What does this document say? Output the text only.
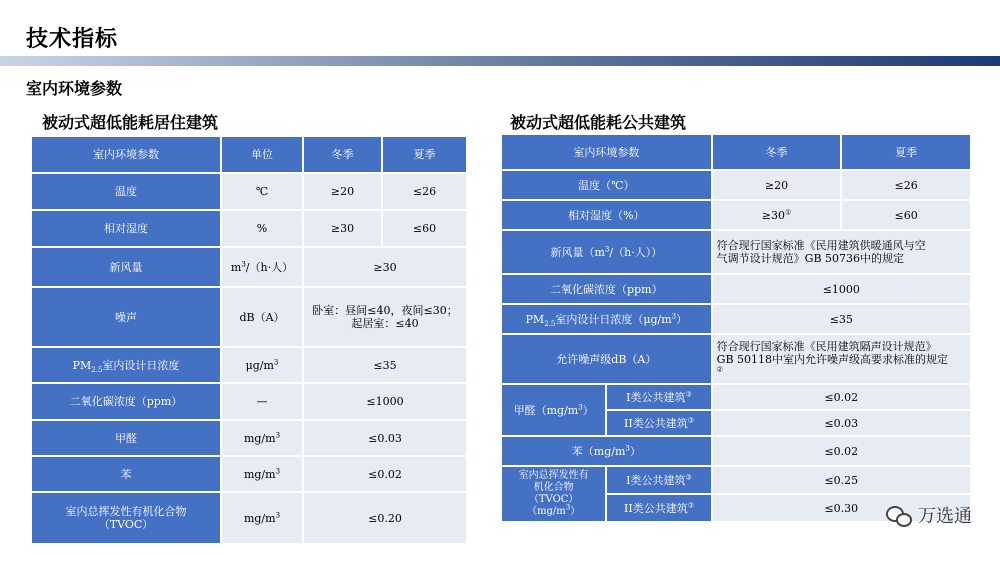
技术指标
室内环境参数
被动式超低能耗居住建筑
室内环境参数	单位	冬季	夏季
温度	℃	≥20	≤26
相对湿度	%	≥30	≤60
新风量	$m^3/(h\cdot$人）	≥30	
噪声	dB（A）	卧室：昼间≤40，夜间≤30；
起居室：≤40	
$PM_{2.5}$室内设计日浓度	$\mu g/m^3$	≤35	
二氧化碳浓度（ppm）	—	≤1000	
甲醛	$mg/m^3$	≤0.03	
苯	$mg/m^3$	≤0.02	
室内总挥发性有机化合物
（TVOC）	$mg/m^3$	≤0.20	
被动式超低能耗公共建筑
室内环境参数		冬季	夏季
温度（℃）		≥20	≤26
相对湿度（%）		≥30①	≤60
新风量（$m^3/(h\cdot$人））		符合现行国家标准《民用建筑供暖通风与空
气调节设计规范》GB 50736中的规定	
二氧化碳浓度（ppm）		≤1000	
$PM_{2.5}$室内设计日浓度$(\mu g/m^3)$		≤35	
允许噪声级dB（A）		符合现行国家标准《民用建筑隔声设计规范》
GB 50118中室内允许噪声级高要求标准的规定
②
甲醛$(mg/m^3)$	I类公共建筑③	≤0.02	
	II类公共建筑③	≤0.03	
苯$(mg/m^3)$		≤0.02	
室内总挥发性有
机化合物
（TVOC）
$(mg/m^3)$	I类公共建筑③	≤0.25	
	II类公共建筑③	≤0.30		万选通
